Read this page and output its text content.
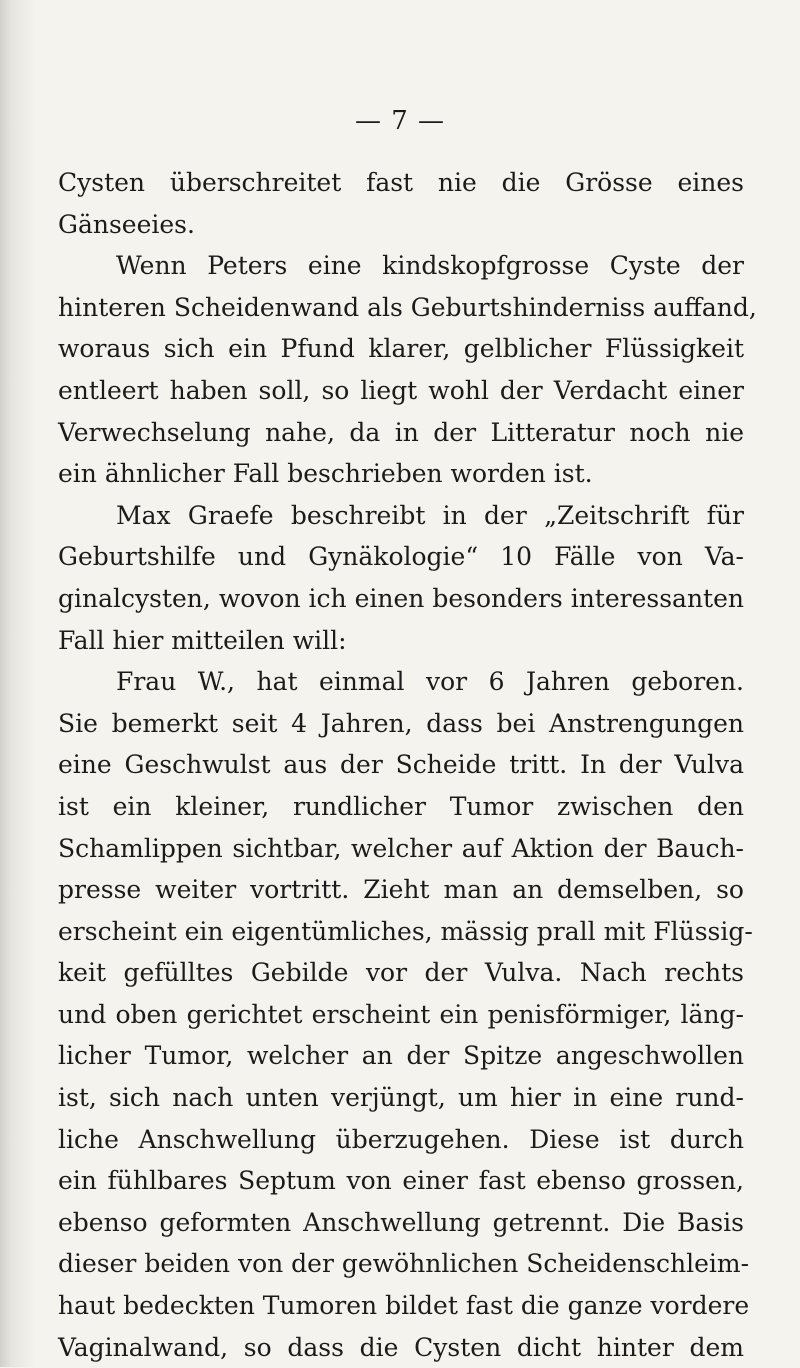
— 7 —
Cysten überschreitet fast nie die Grösse eines
Gänseeies.
Wenn Peters eine kindskopfgrosse Cyste der
hinteren Scheidenwand als Geburtshinderniss auffand,
woraus sich ein Pfund klarer, gelblicher Flüssigkeit
entleert haben soll, so liegt wohl der Verdacht einer
Verwechselung nahe, da in der Litteratur noch nie
ein ähnlicher Fall beschrieben worden ist.
Max Graefe beschreibt in der „Zeitschrift für
Geburtshilfe und Gynäkologie“ 10 Fälle von Va-
ginalcysten, wovon ich einen besonders interessanten
Fall hier mitteilen will:
Frau W., hat einmal vor 6 Jahren geboren.
Sie bemerkt seit 4 Jahren, dass bei Anstrengungen
eine Geschwulst aus der Scheide tritt. In der Vulva
ist ein kleiner, rundlicher Tumor zwischen den
Schamlippen sichtbar, welcher auf Aktion der Bauch-
presse weiter vortritt. Zieht man an demselben, so
erscheint ein eigentümliches, mässig prall mit Flüssig-
keit gefülltes Gebilde vor der Vulva. Nach rechts
und oben gerichtet erscheint ein penisförmiger, läng-
licher Tumor, welcher an der Spitze angeschwollen
ist, sich nach unten verjüngt, um hier in eine rund-
liche Anschwellung überzugehen. Diese ist durch
ein fühlbares Septum von einer fast ebenso grossen,
ebenso geformten Anschwellung getrennt. Die Basis
dieser beiden von der gewöhnlichen Scheidenschleim-
haut bedeckten Tumoren bildet fast die ganze vordere
Vaginalwand, so dass die Cysten dicht hinter dem
